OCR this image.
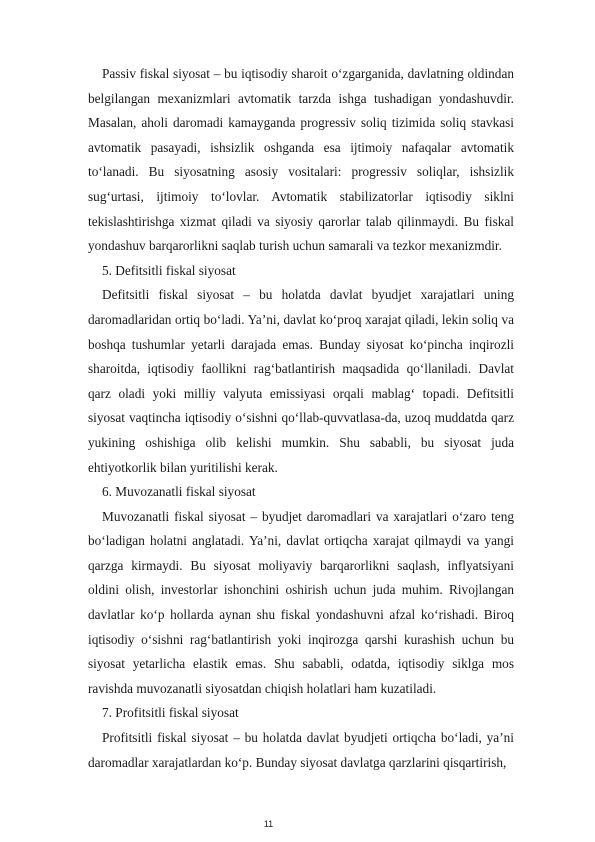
Passiv fiskal siyosat – bu iqtisodiy sharoit o‘zgarganida, davlatning oldindan belgilangan mexanizmlari avtomatik tarzda ishga tushadigan yondashuvdir. Masalan, aholi daromadi kamayganda progressiv soliq tizimida soliq stavkasi avtomatik pasayadi, ishsizlik oshganda esa ijtimoiy nafaqalar avtomatik to‘lanadi. Bu siyosatning asosiy vositalari: progressiv soliqlar, ishsizlik sug‘urtasi, ijtimoiy to‘lovlar. Avtomatik stabilizatorlar iqtisodiy siklni tekislashtirishga xizmat qiladi va siyosiy qarorlar talab qilinmaydi. Bu fiskal yondashuv barqarorlikni saqlab turish uchun samarali va tezkor mexanizmdir.

5. Defitsitli fiskal siyosat

Defitsitli fiskal siyosat – bu holatda davlat byudjet xarajatlari uning daromadlaridan ortiq bo‘ladi. Ya’ni, davlat ko‘proq xarajat qiladi, lekin soliq va boshqa tushumlar yetarli darajada emas. Bunday siyosat ko‘pincha inqirozli sharoitda, iqtisodiy faollikni rag‘batlantirish maqsadida qo‘llaniladi. Davlat qarz oladi yoki milliy valyuta emissiyasi orqali mablag‘ topadi. Defitsitli siyosat vaqtincha iqtisodiy o‘sishni qo‘llab-quvvatlasa-da, uzoq muddatda qarz yukining oshishiga olib kelishi mumkin. Shu sababli, bu siyosat juda ehtiyotkorlik bilan yuritilishi kerak.

6. Muvozanatli fiskal siyosat

Muvozanatli fiskal siyosat – byudjet daromadlari va xarajatlari o‘zaro teng bo‘ladigan holatni anglatadi. Ya’ni, davlat ortiqcha xarajat qilmaydi va yangi qarzga kirmaydi. Bu siyosat moliyaviy barqarorlikni saqlash, inflyatsiyani oldini olish, investorlar ishonchini oshirish uchun juda muhim. Rivojlangan davlatlar ko‘p hollarda aynan shu fiskal yondashuvni afzal ko‘rishadi. Biroq iqtisodiy o‘sishni rag‘batlantirish yoki inqirozga qarshi kurashish uchun bu siyosat yetarlicha elastik emas. Shu sababli, odatda, iqtisodiy siklga mos ravishda muvozanatli siyosatdan chiqish holatlari ham kuzatiladi.

7. Profitsitli fiskal siyosat

Profitsitli fiskal siyosat – bu holatda davlat byudjeti ortiqcha bo‘ladi, ya’ni daromadlar xarajatlardan ko‘p. Bunday siyosat davlatga qarzlarini qisqartirish,

11
